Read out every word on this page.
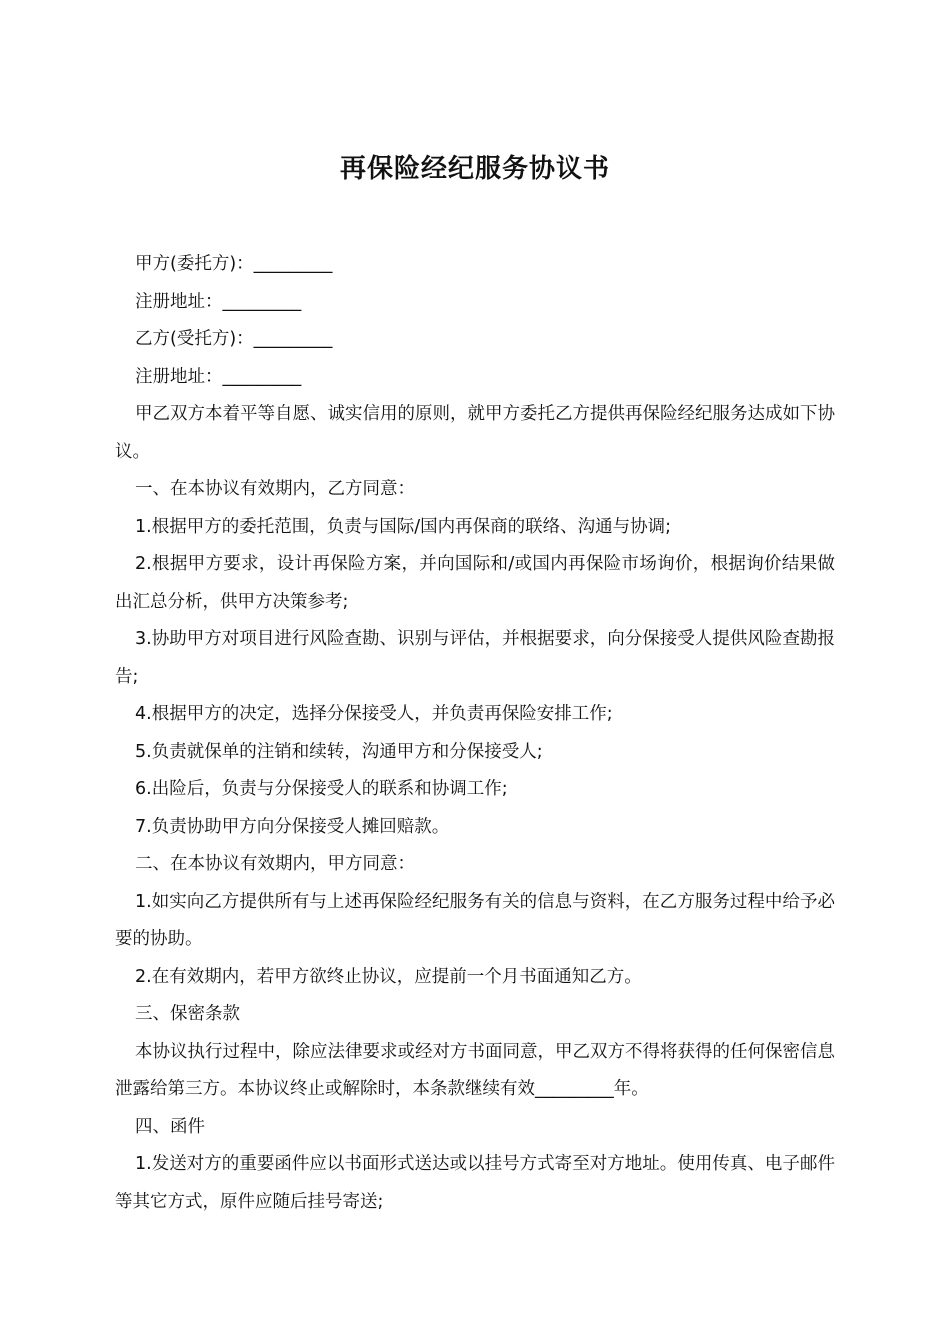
再保险经纪服务协议书

甲方(委托方)：_________

注册地址：_________

乙方(受托方)：_________

注册地址：_________

甲乙双方本着平等自愿、诚实信用的原则，就甲方委托乙方提供再保险经纪服务达成如下协议。

一、在本协议有效期内，乙方同意：

1.根据甲方的委托范围，负责与国际/国内再保商的联络、沟通与协调;

2.根据甲方要求，设计再保险方案，并向国际和/或国内再保险市场询价，根据询价结果做出汇总分析，供甲方决策参考;

3.协助甲方对项目进行风险查勘、识别与评估，并根据要求，向分保接受人提供风险查勘报告;

4.根据甲方的决定，选择分保接受人，并负责再保险安排工作;

5.负责就保单的注销和续转，沟通甲方和分保接受人;

6.出险后，负责与分保接受人的联系和协调工作;

7.负责协助甲方向分保接受人摊回赔款。

二、在本协议有效期内，甲方同意：

1.如实向乙方提供所有与上述再保险经纪服务有关的信息与资料，在乙方服务过程中给予必要的协助。

2.在有效期内，若甲方欲终止协议，应提前一个月书面通知乙方。

三、保密条款

本协议执行过程中，除应法律要求或经对方书面同意，甲乙双方不得将获得的任何保密信息泄露给第三方。本协议终止或解除时，本条款继续有效_________年。

四、函件

1.发送对方的重要函件应以书面形式送达或以挂号方式寄至对方地址。使用传真、电子邮件等其它方式，原件应随后挂号寄送;
